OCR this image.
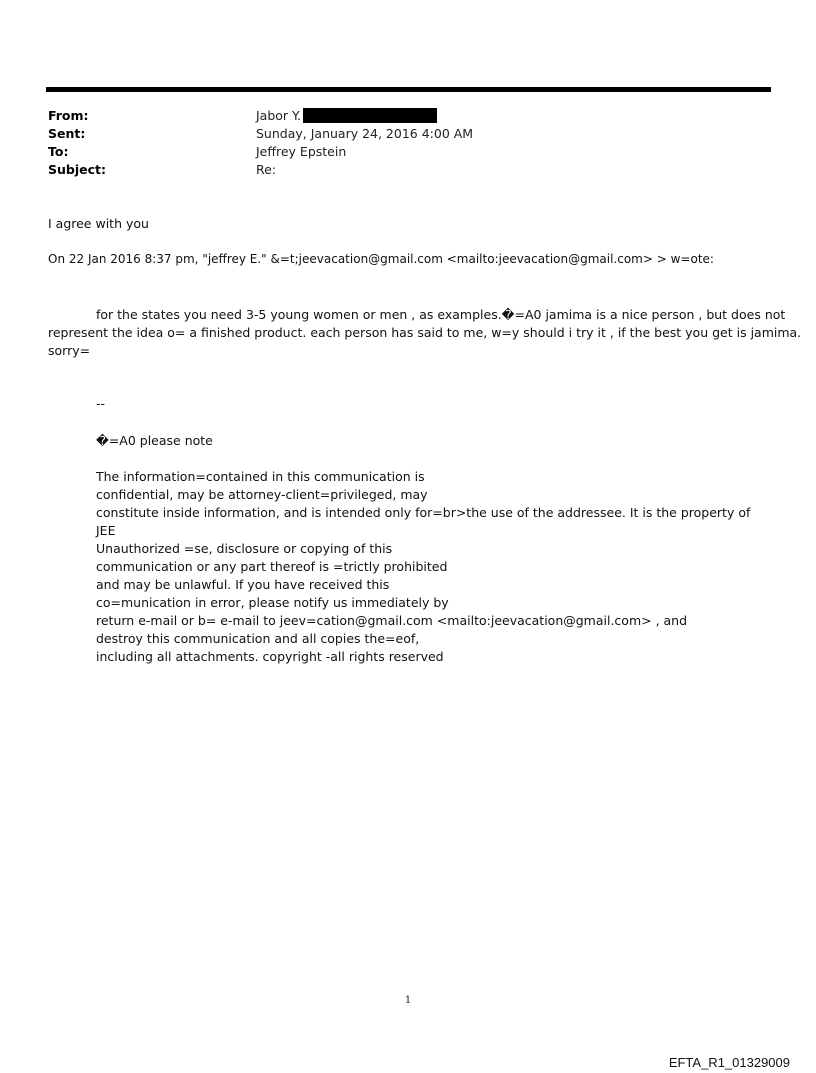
From:	Jabor Y.
Sent:	Sunday, January 24, 2016 4:00 AM
To:	Jeffrey Epstein
Subject:	Re:
I agree with you
On 22 Jan 2016 8:37 pm, "jeffrey E." &=t;jeevacation@gmail.com <mailto:jeevacation@gmail.com> > w=ote:
for the states you need 3-5 young women or men , as examples.�=A0 jamima is a nice person , but does not
represent the idea o= a finished product. each person has said to me, w=y should i try it , if the best you get is jamima.
sorry=
--
�=A0 please note
The information=contained in this communication is
confidential, may be attorney-client=privileged, may
constitute inside information, and is intended only for=br>the use of the addressee. It is the property of
JEE
Unauthorized =se, disclosure or copying of this
communication or any part thereof is =trictly prohibited
and may be unlawful. If you have received this
co=munication in error, please notify us immediately by
return e-mail or b= e-mail to jeev=cation@gmail.com <mailto:jeevacation@gmail.com> , and
destroy this communication and all copies the=eof,
including all attachments. copyright -all rights reserved
1
EFTA_R1_01329009
